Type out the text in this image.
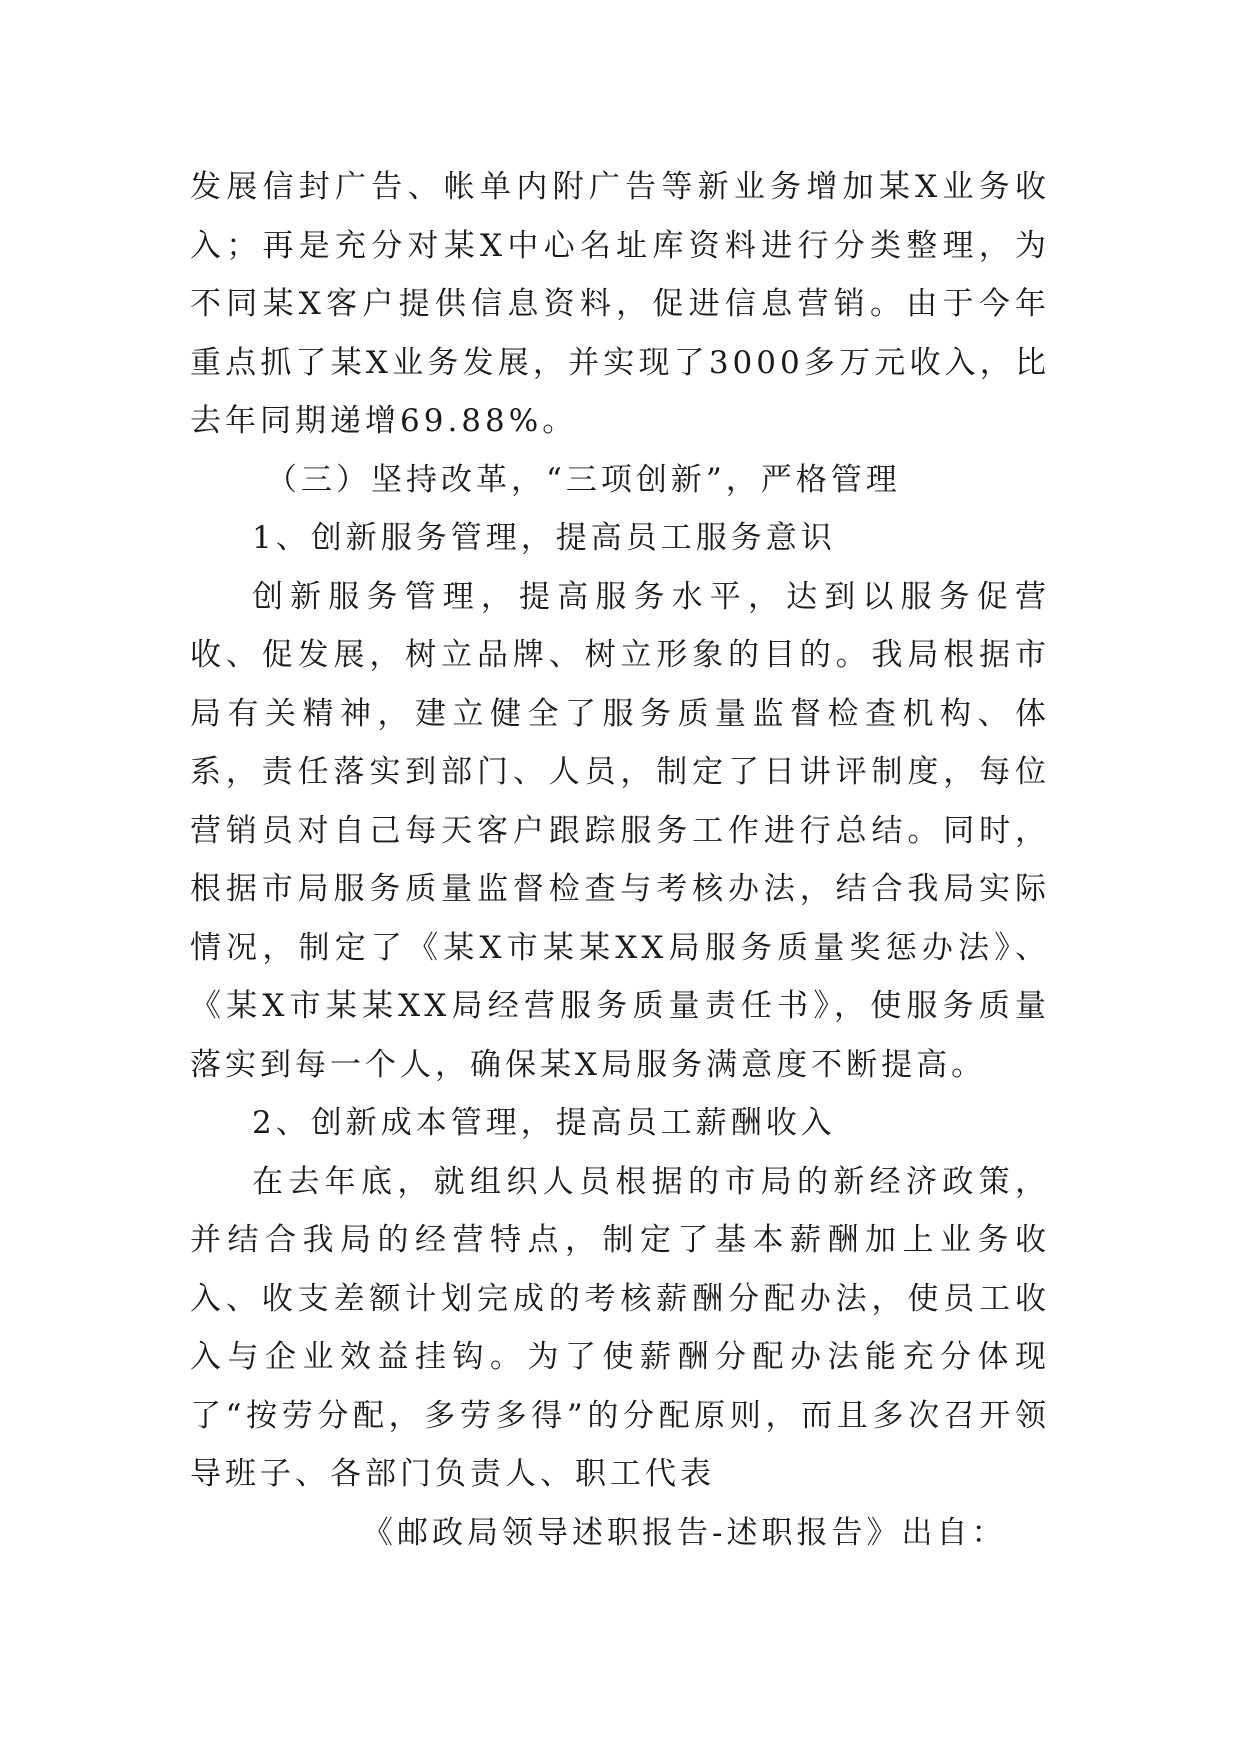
发展信封广告、帐单内附广告等新业务增加某X业务收入；再是充分对某X中心名址库资料进行分类整理，为不同某X客户提供信息资料，促进信息营销。由于今年重点抓了某X业务发展，并实现了3000多万元收入，比去年同期递增69.88%。

（三）坚持改革，“三项创新”，严格管理

1、创新服务管理，提高员工服务意识

创新服务管理，提高服务水平，达到以服务促营收、促发展，树立品牌、树立形象的目的。我局根据市局有关精神，建立健全了服务质量监督检查机构、体系，责任落实到部门、人员，制定了日讲评制度，每位营销员对自己每天客户跟踪服务工作进行总结。同时，根据市局服务质量监督检查与考核办法，结合我局实际情况，制定了《某X市某某XX局服务质量奖惩办法》、《某X市某某XX局经营服务质量责任书》，使服务质量落实到每一个人，确保某X局服务满意度不断提高。

2、创新成本管理，提高员工薪酬收入

在去年底，就组织人员根据的市局的新经济政策，并结合我局的经营特点，制定了基本薪酬加上业务收入、收支差额计划完成的考核薪酬分配办法，使员工收入与企业效益挂钩。为了使薪酬分配办法能充分体现了“按劳分配，多劳多得”的分配原则，而且多次召开领导班子、各部门负责人、职工代表

《邮政局领导述职报告-述职报告》出自：
